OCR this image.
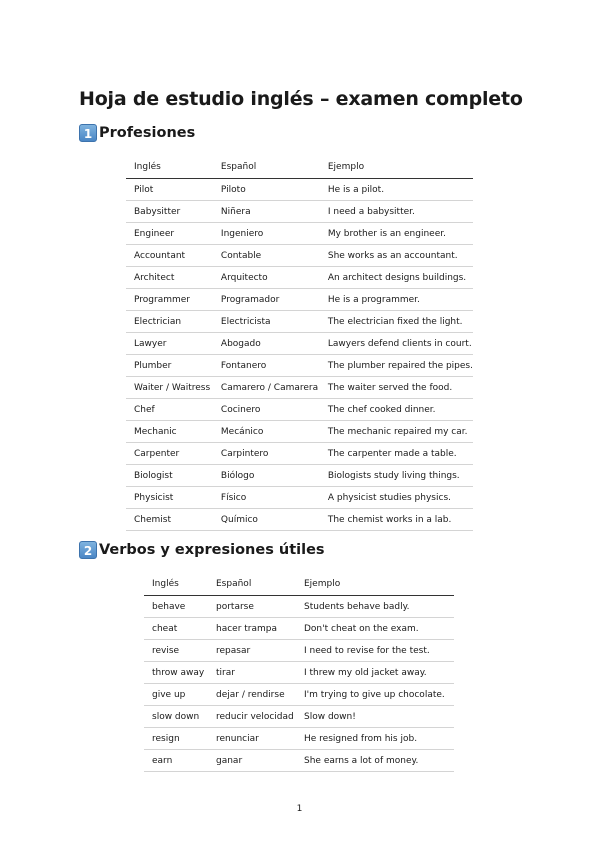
Hoja de estudio inglés – examen completo
1 Profesiones
Inglés	Español	Ejemplo
Pilot	Piloto	He is a pilot.
Babysitter	Niñera	I need a babysitter.
Engineer	Ingeniero	My brother is an engineer.
Accountant	Contable	She works as an accountant.
Architect	Arquitecto	An architect designs buildings.
Programmer	Programador	He is a programmer.
Electrician	Electricista	The electrician fixed the light.
Lawyer	Abogado	Lawyers defend clients in court.
Plumber	Fontanero	The plumber repaired the pipes.
Waiter / Waitress	Camarero / Camarera	The waiter served the food.
Chef	Cocinero	The chef cooked dinner.
Mechanic	Mecánico	The mechanic repaired my car.
Carpenter	Carpintero	The carpenter made a table.
Biologist	Biólogo	Biologists study living things.
Physicist	Físico	A physicist studies physics.
Chemist	Químico	The chemist works in a lab.
2 Verbos y expresiones útiles
Inglés	Español	Ejemplo
behave	portarse	Students behave badly.
cheat	hacer trampa	Don't cheat on the exam.
revise	repasar	I need to revise for the test.
throw away	tirar	I threw my old jacket away.
give up	dejar / rendirse	I'm trying to give up chocolate.
slow down	reducir velocidad	Slow down!
resign	renunciar	He resigned from his job.
earn	ganar	She earns a lot of money.
1
